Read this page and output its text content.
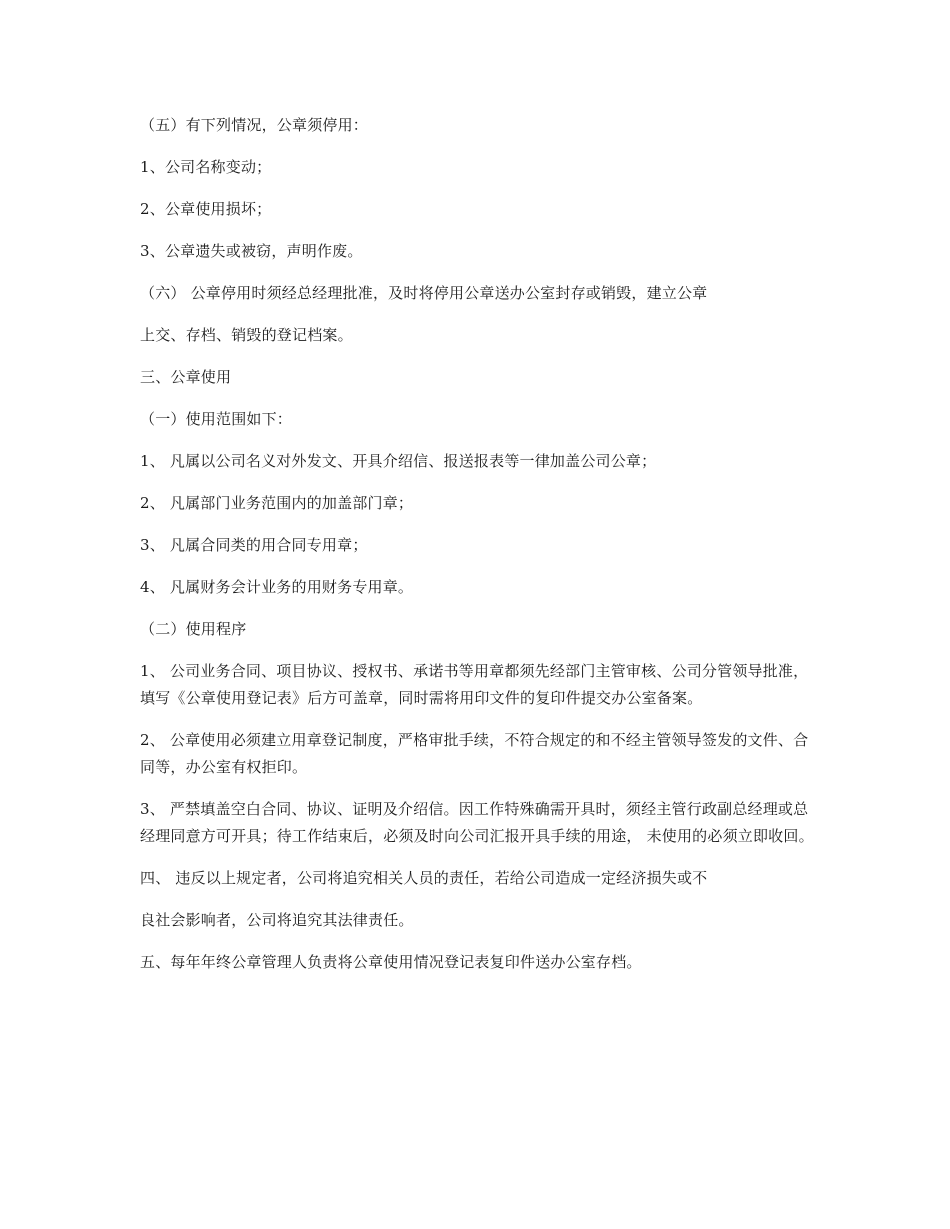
（五）有下列情况，公章须停用：

1、公司名称变动；

2、公章使用损坏；

3、公章遗失或被窃，声明作废。

（六） 公章停用时须经总经理批准，及时将停用公章送办公室封存或销毁，建立公章

上交、存档、销毁的登记档案。

三、公章使用

（一）使用范围如下：

1、 凡属以公司名义对外发文、开具介绍信、报送报表等一律加盖公司公章；

2、 凡属部门业务范围内的加盖部门章；

3、 凡属合同类的用合同专用章；

4、 凡属财务会计业务的用财务专用章。

（二）使用程序

1、 公司业务合同、项目协议、授权书、承诺书等用章都须先经部门主管审核、公司分管领导批准，填写《公章使用登记表》后方可盖章，同时需将用印文件的复印件提交办公室备案。

2、 公章使用必须建立用章登记制度，严格审批手续，不符合规定的和不经主管领导签发的文件、合同等，办公室有权拒印。

3、 严禁填盖空白合同、协议、证明及介绍信。因工作特殊确需开具时，须经主管行政副总经理或总经理同意方可开具；待工作结束后，必须及时向公司汇报开具手续的用途， 未使用的必须立即收回。

四、 违反以上规定者，公司将追究相关人员的责任，若给公司造成一定经济损失或不

良社会影响者，公司将追究其法律责任。

五、每年年终公章管理人负责将公章使用情况登记表复印件送办公室存档。
